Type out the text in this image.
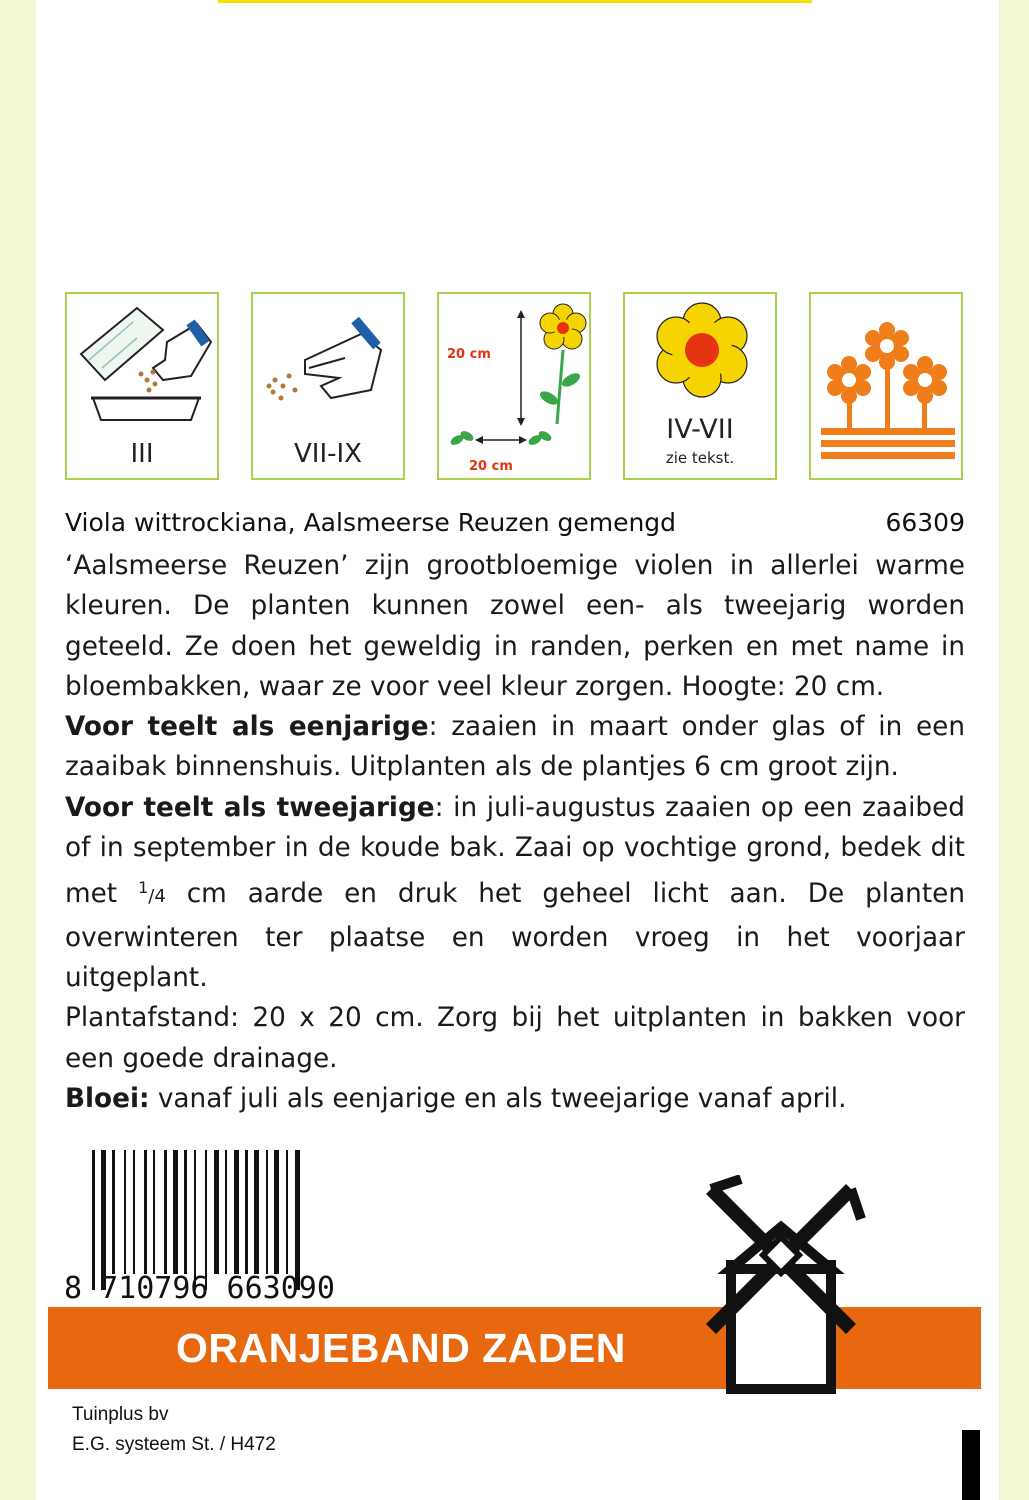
III	VII-IX
20 cm
20 cm
IV-VII
zie tekst.
Viola wittrockiana, Aalsmeerse Reuzen gemengd	66309

‘Aalsmeerse Reuzen’ zijn grootbloemige violen in allerlei warme kleuren. De planten kunnen zowel een- als tweejarig worden geteeld. Ze doen het geweldig in randen, perken en met name in bloembakken, waar ze voor veel kleur zorgen. Hoogte: 20 cm.

Voor teelt als eenjarige: zaaien in maart onder glas of in een zaaibak binnenshuis. Uitplanten als de plantjes 6 cm groot zijn.

Voor teelt als tweejarige: in juli-augustus zaaien op een zaaibed of in september in de koude bak. Zaai op vochtige grond, bedek dit met $^1$/4 cm aarde en druk het geheel licht aan. De planten overwinteren ter plaatse en worden vroeg in het voorjaar uitgeplant.

Plantafstand: 20 x 20 cm. Zorg bij het uitplanten in bakken voor een goede drainage.

Bloei: vanaf juli als eenjarige en als tweejarige vanaf april.

8 710796 663090
ORANJEBAND ZADEN
Tuinplus bv
E.G. systeem St. / H472
